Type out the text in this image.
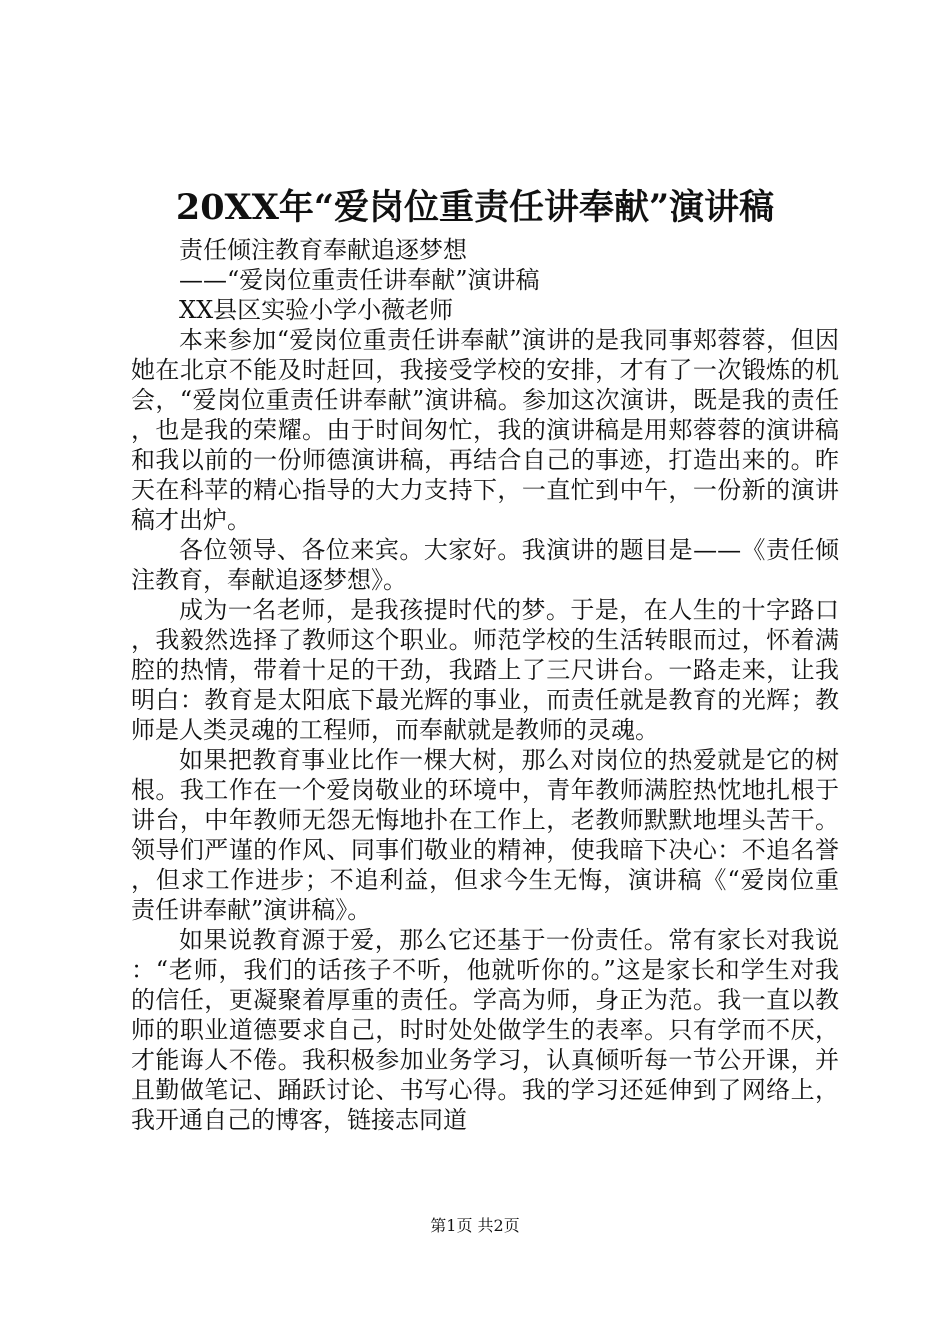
20XX年“爱岗位重责任讲奉献”演讲稿

责任倾注教育奉献追逐梦想

——“爱岗位重责任讲奉献”演讲稿

XX县区实验小学小薇老师

本来参加“爱岗位重责任讲奉献”演讲的是我同事郏蓉蓉，但因她在北京不能及时赶回，我接受学校的安排，才有了一次锻炼的机会，“爱岗位重责任讲奉献”演讲稿。参加这次演讲，既是我的责任，也是我的荣耀。由于时间匆忙，我的演讲稿是用郏蓉蓉的演讲稿和我以前的一份师德演讲稿，再结合自己的事迹，打造出来的。昨天在科苹的精心指导的大力支持下，一直忙到中午，一份新的演讲稿才出炉。

各位领导、各位来宾。大家好。我演讲的题目是——《责任倾注教育，奉献追逐梦想》。

成为一名老师，是我孩提时代的梦。于是，在人生的十字路口，我毅然选择了教师这个职业。师范学校的生活转眼而过，怀着满腔的热情，带着十足的干劲，我踏上了三尺讲台。一路走来，让我明白：教育是太阳底下最光辉的事业，而责任就是教育的光辉；教师是人类灵魂的工程师，而奉献就是教师的灵魂。

如果把教育事业比作一棵大树，那么对岗位的热爱就是它的树根。我工作在一个爱岗敬业的环境中，青年教师满腔热忱地扎根于讲台，中年教师无怨无悔地扑在工作上，老教师默默地埋头苦干。领导们严谨的作风、同事们敬业的精神，使我暗下决心：不追名誉，但求工作进步；不追利益，但求今生无悔，演讲稿《“爱岗位重责任讲奉献”演讲稿》。

如果说教育源于爱，那么它还基于一份责任。常有家长对我说：“老师，我们的话孩子不听，他就听你的。”这是家长和学生对我的信任，更凝聚着厚重的责任。学高为师，身正为范。我一直以教师的职业道德要求自己，时时处处做学生的表率。只有学而不厌，才能诲人不倦。我积极参加业务学习，认真倾听每一节公开课，并且勤做笔记、踊跃讨论、书写心得。我的学习还延伸到了网络上，我开通自己的博客，链接志同道

第1页 共2页
